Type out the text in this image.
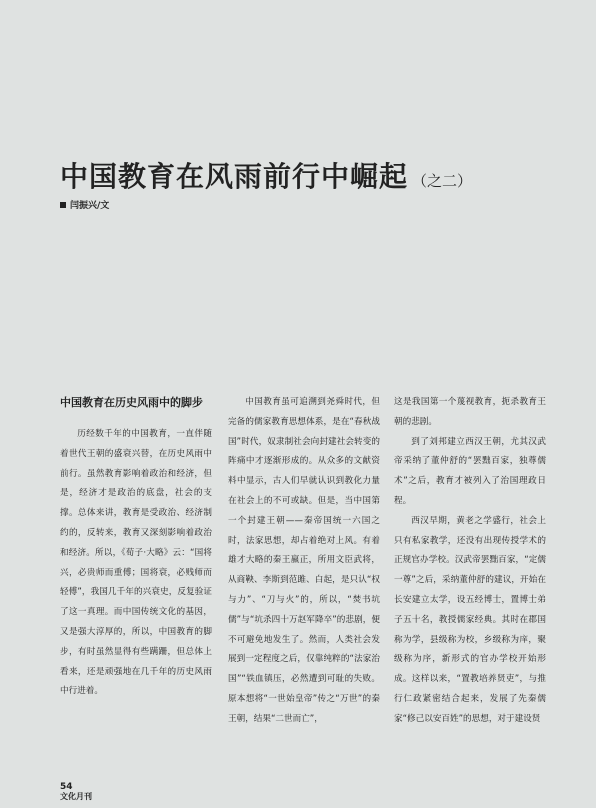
中国教育在风雨前行中崛起 （之二）
闫振兴/文
中国教育在历史风雨中的脚步

历经数千年的中国教育，一直伴随着世代王朝的盛衰兴替，在历史风雨中前行。虽然教育影响着政治和经济，但是，经济才是政治的底盘，社会的支撑。总体来讲，教育是受政治、经济制约的，反转来，教育又深刻影响着政治和经济。所以，《荀子·大略》云：“国将兴，必贵师而重傅；国将衰，必贱师而轻傅”，我国几千年的兴衰史，反复验证了这一真理。而中国传统文化的基因，又是强大淳厚的，所以，中国教育的脚步，有时虽然显得有些蹒跚，但总体上看来，还是顽强地在几千年的历史风雨中行进着。

中国教育虽可追溯到尧舜时代，但完备的儒家教育思想体系，是在“春秋战国”时代，奴隶制社会向封建社会转变的阵痛中才逐渐形成的。从众多的文献资料中显示，古人们早就认识到教化力量在社会上的不可或缺。但是，当中国第一个封建王朝——秦帝国统一六国之时，法家思想，却占着绝对上风。有着雄才大略的秦王嬴正，所用文臣武将，从商鞅、李斯到范雎、白起，是只认“权与力”、“刀与火”的，所以，“焚书坑儒”与“坑杀四十万赵军降卒”的悲剧，便不可避免地发生了。然而，人类社会发展到一定程度之后，仅靠纯粹的“法家治国”“铁血镇压，必然遭到可耻的失败。原本想将“一世始皇帝”传之“万世”的秦王朝，结果“二世而亡”，

这是我国第一个蔑视教育，扼杀教育王朝的悲剧。

到了刘邦建立西汉王朝，尤其汉武帝采纳了董仲舒的“罢黜百家，独尊儒术”之后，教育才被列入了治国理政日程。

西汉早期，黄老之学盛行，社会上只有私家教学，还没有出现传授学术的正规官办学校。汉武帝罢黜百家，“定儒一尊”之后，采纳董仲舒的建议，开始在长安建立太学，设五经博士，置博士弟子五十名，教授儒家经典。其时在郡国称为学，县级称为校，乡级称为庠，聚级称为序，新形式的官办学校开始形成。这样以来，“置教培养贤吏”，与推行仁政紧密结合起来，发展了先秦儒家“修己以安百姓”的思想，对于建设贤

54
文化月刊
